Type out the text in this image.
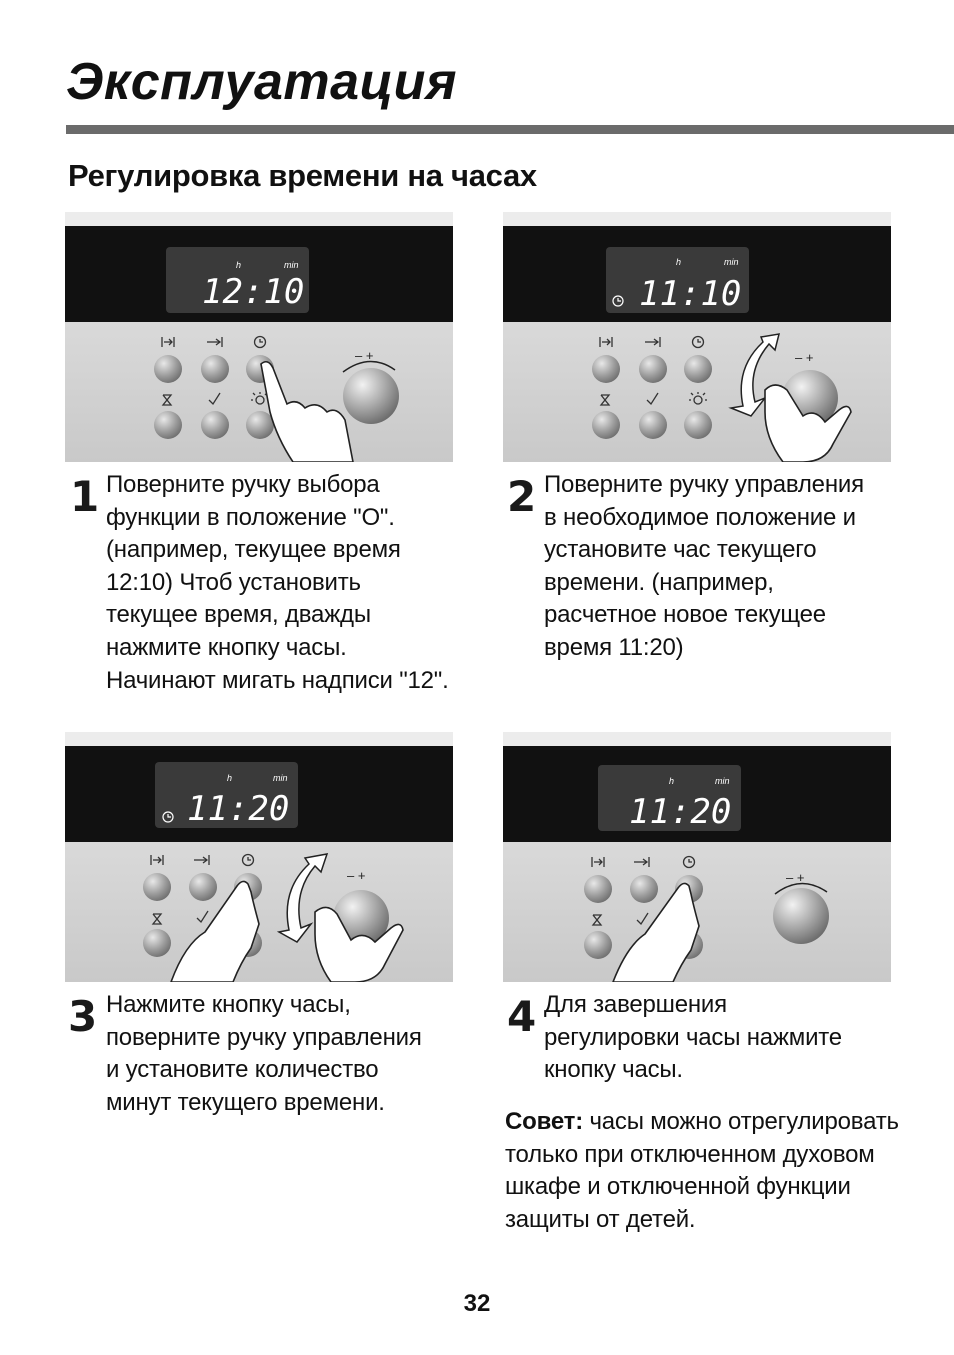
Эксплуатация
Регулировка времени на часах
h	min
12:10
– +
h	min
11:10
– +
h	min
11:20
– +
h	min
11:20
– +
1 Поверните ручку выбора
функции в положение "О".
(например, текущее время
12:10) Чтоб установить
текущее время, дважды
нажмите кнопку часы.
Начинают мигать надписи "12".
2 Поверните ручку управления
в необходимое положение и
установите час текущего
времени. (например,
расчетное новое текущее
время 11:20)
3 Нажмите кнопку часы,
поверните ручку управления
и установите количество
минут текущего времени.
4 Для завершения
регулировки часы нажмите
кнопку часы.
Совет: часы можно отрегулировать только при отключенном духовом шкафе и отключенной функции защиты от детей.
32
